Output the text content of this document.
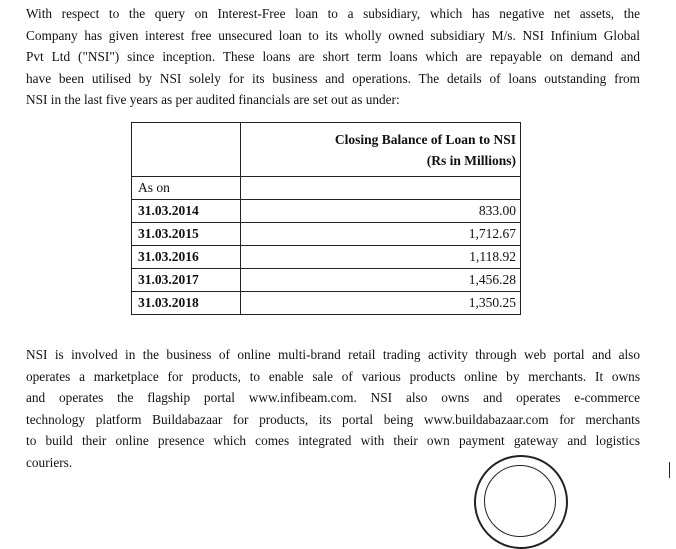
With respect to the query on Interest-Free loan to a subsidiary, which has negative net assets, the
Company has given interest free unsecured loan to its wholly owned subsidiary M/s. NSI Infinium Global
Pvt Ltd ("NSI") since inception. These loans are short term loans which are repayable on demand and
have been utilised by NSI solely for its business and operations. The details of loans outstanding from
NSI in the last five years as per audited financials are set out as under:

	Closing Balance of Loan to NSI
(Rs in Millions)

As on	
31.03.2014	833.00
31.03.2015	1,712.67
31.03.2016	1,118.92
31.03.2017	1,456.28
31.03.2018	1,350.25
NSI is involved in the business of online multi-brand retail trading activity through web portal and also
operates a marketplace for products, to enable sale of various products online by merchants. It owns
and operates the flagship portal www.infibeam.com. NSI also owns and operates e-commerce
technology platform Buildabazaar for products, its portal being www.buildabazaar.com for merchants
to build their online presence which comes integrated with their own payment gateway and logistics
couriers.
